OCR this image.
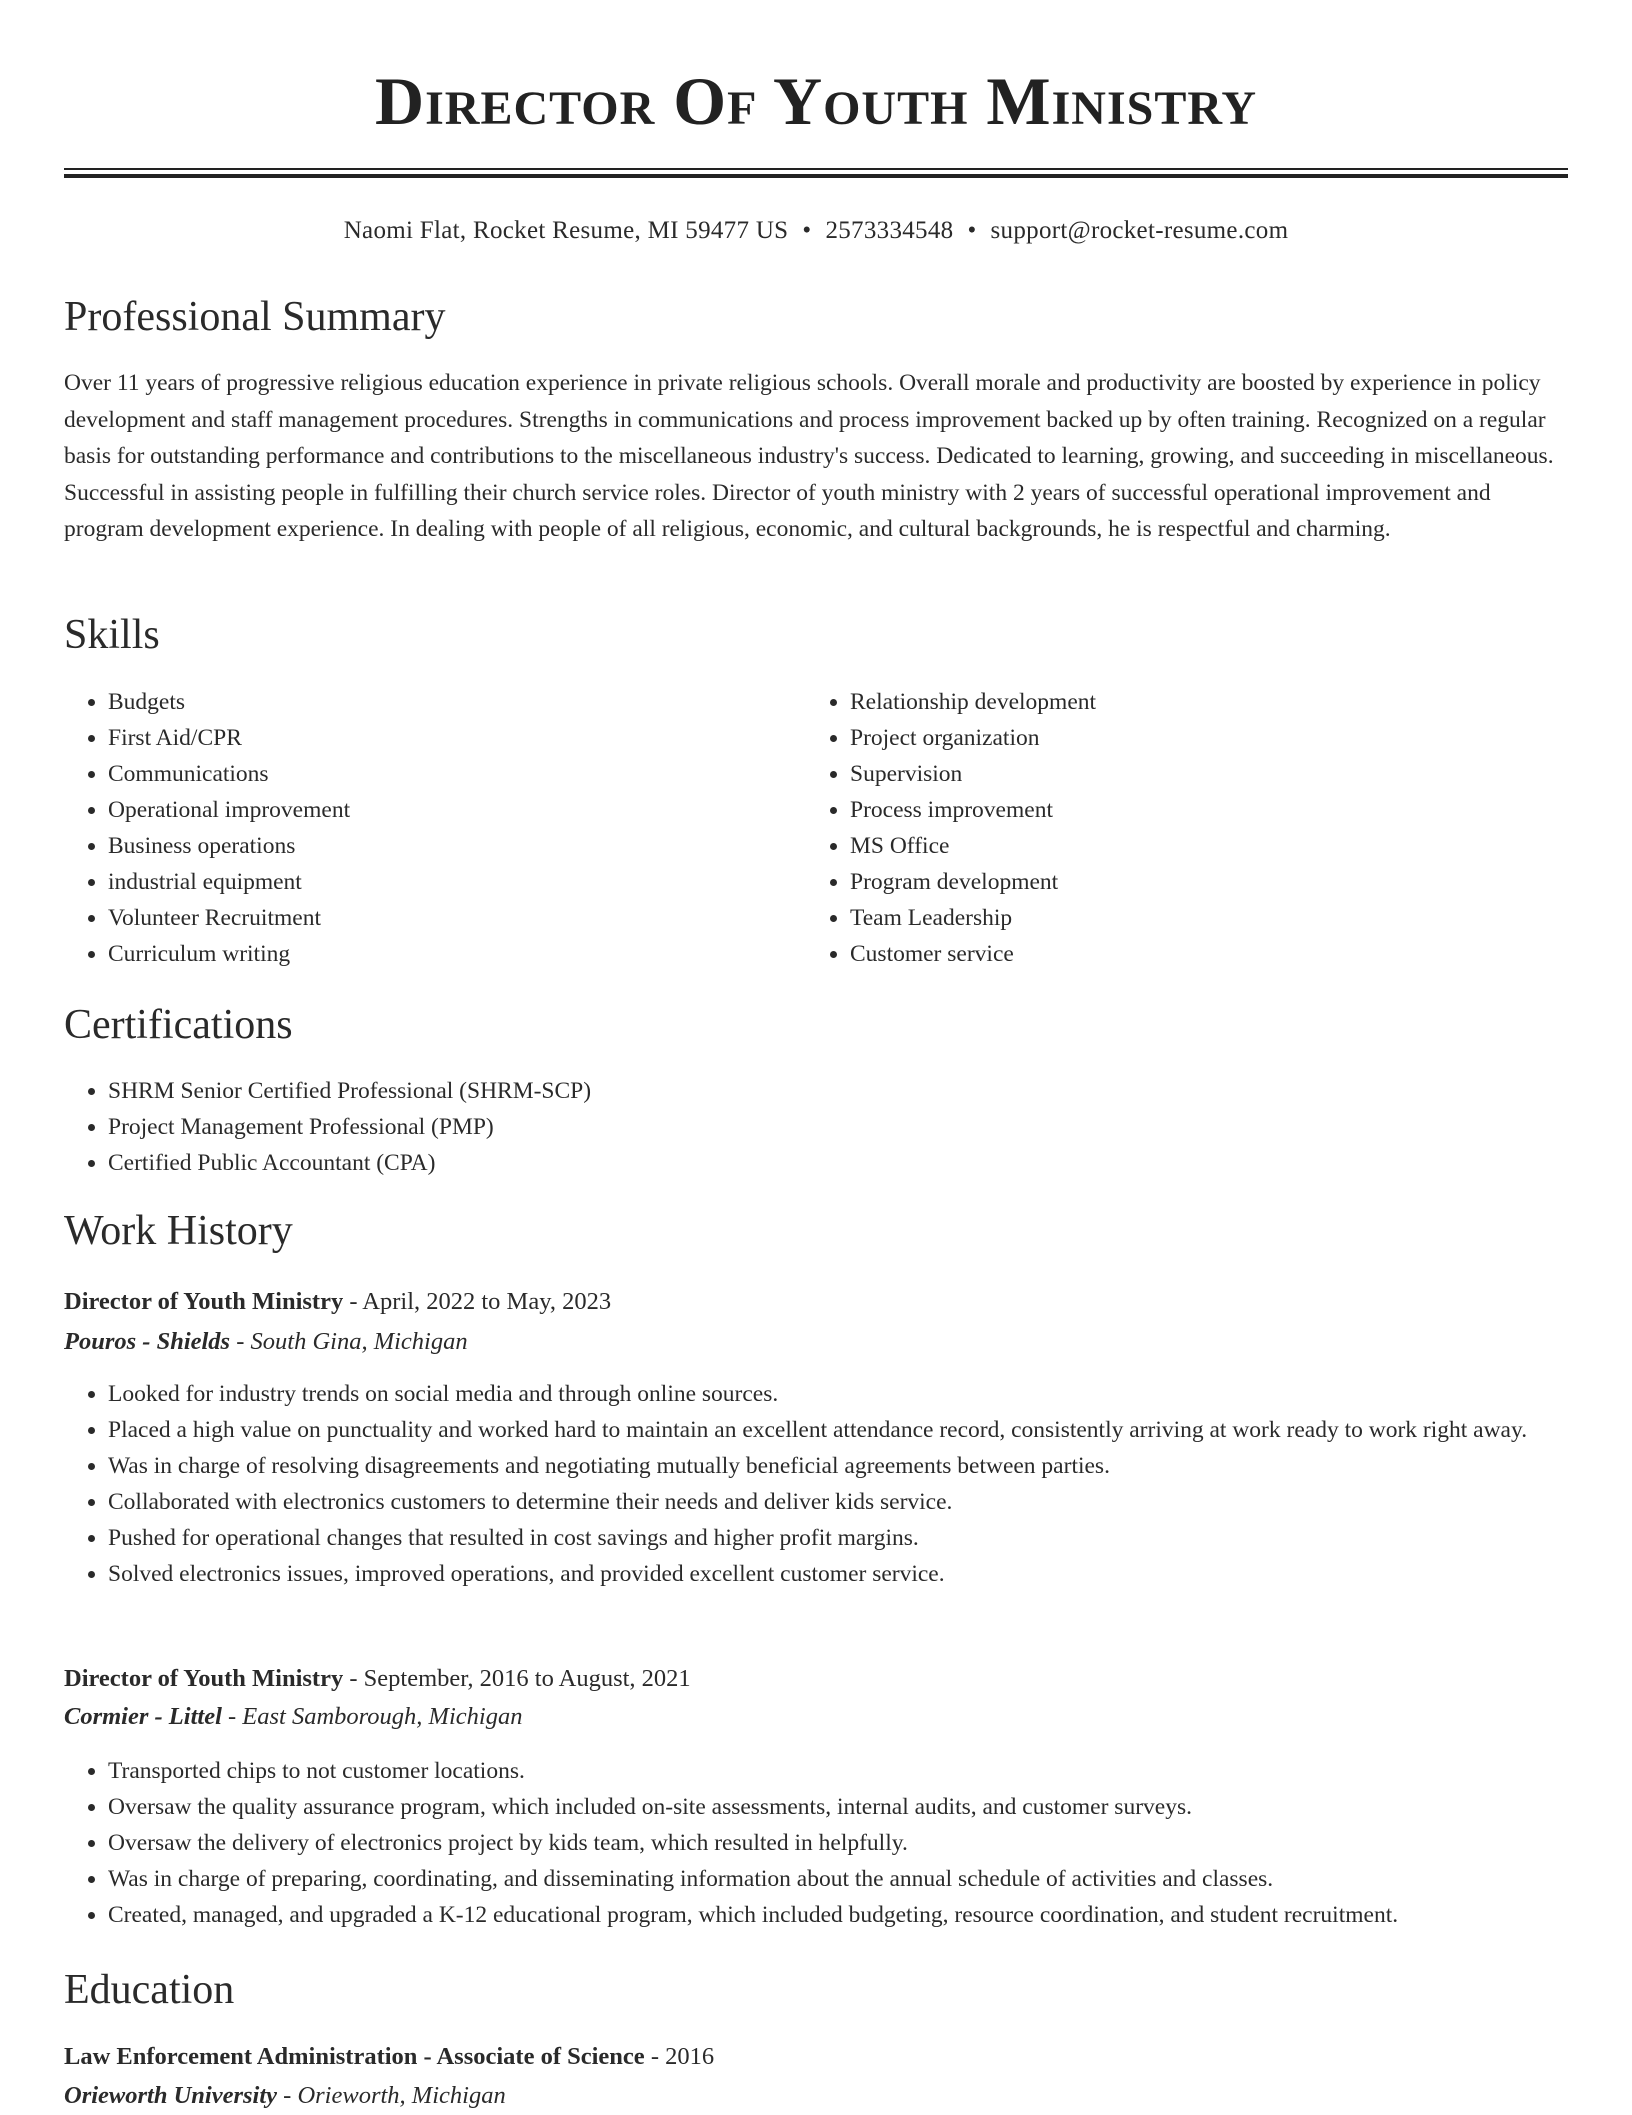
Director Of Youth Ministry
Naomi Flat, Rocket Resume, MI 59477 US • 2573334548 • support@rocket-resume.com
Professional Summary

Over 11 years of progressive religious education experience in private religious schools. Overall morale and productivity are boosted by experience in policy development and staff management procedures. Strengths in communications and process improvement backed up by often training. Recognized on a regular basis for outstanding performance and contributions to the miscellaneous industry's success. Dedicated to learning, growing, and succeeding in miscellaneous. Successful in assisting people in fulfilling their church service roles. Director of youth ministry with 2 years of successful operational improvement and program development experience. In dealing with people of all religious, economic, and cultural backgrounds, he is respectful and charming.

Skills
• Budgets
• First Aid/CPR
• Communications
• Operational improvement
• Business operations
• industrial equipment
• Volunteer Recruitment
• Curriculum writing
• Relationship development
• Project organization
• Supervision
• Process improvement
• MS Office
• Program development
• Team Leadership
• Customer service
Certifications
• SHRM Senior Certified Professional (SHRM-SCP)
• Project Management Professional (PMP)
• Certified Public Accountant (CPA)
Work History
Director of Youth Ministry - April, 2022 to May, 2023
Pouros - Shields - South Gina, Michigan
• Looked for industry trends on social media and through online sources.
• Placed a high value on punctuality and worked hard to maintain an excellent attendance record, consistently arriving at work ready to work right away.
• Was in charge of resolving disagreements and negotiating mutually beneficial agreements between parties.
• Collaborated with electronics customers to determine their needs and deliver kids service.
• Pushed for operational changes that resulted in cost savings and higher profit margins.
• Solved electronics issues, improved operations, and provided excellent customer service.
Director of Youth Ministry - September, 2016 to August, 2021
Cormier - Littel - East Samborough, Michigan
• Transported chips to not customer locations.
• Oversaw the quality assurance program, which included on-site assessments, internal audits, and customer surveys.
• Oversaw the delivery of electronics project by kids team, which resulted in helpfully.
• Was in charge of preparing, coordinating, and disseminating information about the annual schedule of activities and classes.
• Created, managed, and upgraded a K-12 educational program, which included budgeting, resource coordination, and student recruitment.
Education
Law Enforcement Administration - Associate of Science - 2016
Orieworth University - Orieworth, Michigan
